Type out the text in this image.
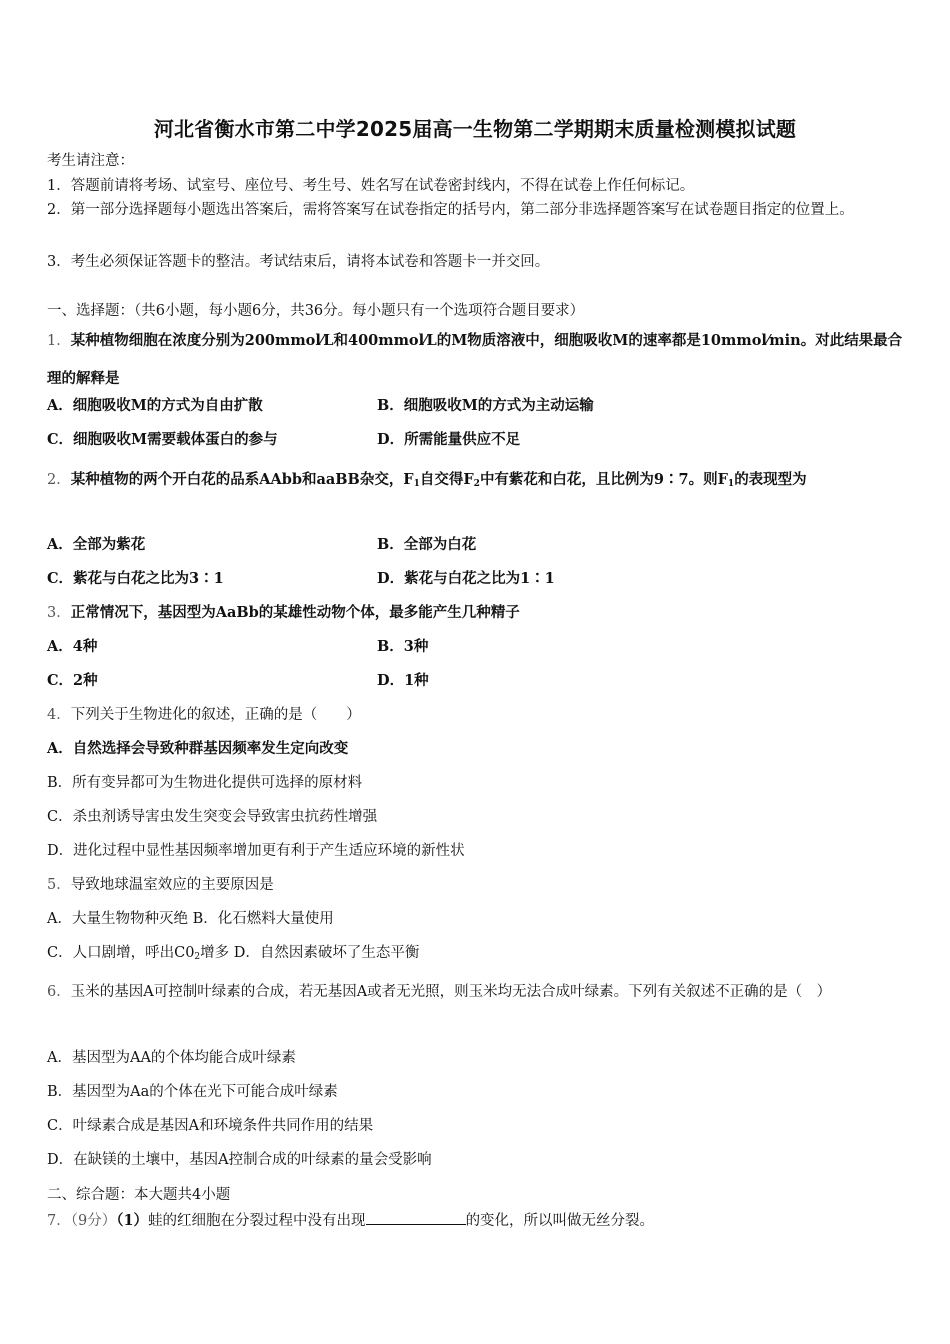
河北省衡水市第二中学2025届高一生物第二学期期末质量检测模拟试题
考生请注意：
1．答题前请将考场、试室号、座位号、考生号、姓名写在试卷密封线内，不得在试卷上作任何标记。
2．第一部分选择题每小题选出答案后，需将答案写在试卷指定的括号内，第二部分非选择题答案写在试卷题目指定的位置上。
3．考生必须保证答题卡的整洁。考试结束后，请将本试卷和答题卡一并交回。
一、选择题：（共6小题，每小题6分，共36分。每小题只有一个选项符合题目要求）
1．某种植物细胞在浓度分别为200mmol⁄L和400mmol⁄L的M物质溶液中，细胞吸收M的速率都是10mmol⁄min。对此结果最合理的解释是
A．细胞吸收M的方式为自由扩散	B．细胞吸收M的方式为主动运输
C．细胞吸收M需要载体蛋白的参与	D．所需能量供应不足
2．某种植物的两个开白花的品系AAbb和aaBB杂交，$F_1$自交得$F_2$中有紫花和白花，且比例为9∶7。则$F_1$的表现型为
A．全部为紫花	B．全部为白花
C．紫花与白花之比为3∶1	D．紫花与白花之比为1∶1
3．正常情况下，基因型为AaBb的某雄性动物个体，最多能产生几种精子
A．4种	B．3种
C．2种	D．1种
4．下列关于生物进化的叙述，正确的是（　　）
A．自然选择会导致种群基因频率发生定向改变
B．所有变异都可为生物进化提供可选择的原材料
C．杀虫剂诱导害虫发生突变会导致害虫抗药性增强
D．进化过程中显性基因频率增加更有利于产生适应环境的新性状
5．导致地球温室效应的主要原因是
A．大量生物物种灭绝 B．化石燃料大量使用
C．人口剧增，呼出$C0_2$增多 D．自然因素破坏了生态平衡
6．玉米的基因A可控制叶绿素的合成，若无基因A或者无光照，则玉米均无法合成叶绿素。下列有关叙述不正确的是（　）
A．基因型为AA的个体均能合成叶绿素
B．基因型为Aa的个体在光下可能合成叶绿素
C．叶绿素合成是基因A和环境条件共同作用的结果
D．在缺镁的土壤中，基因A控制合成的叶绿素的量会受影响
二、综合题：本大题共4小题
7．（9分）（1）蛙的红细胞在分裂过程中没有出现	的变化，所以叫做无丝分裂。
